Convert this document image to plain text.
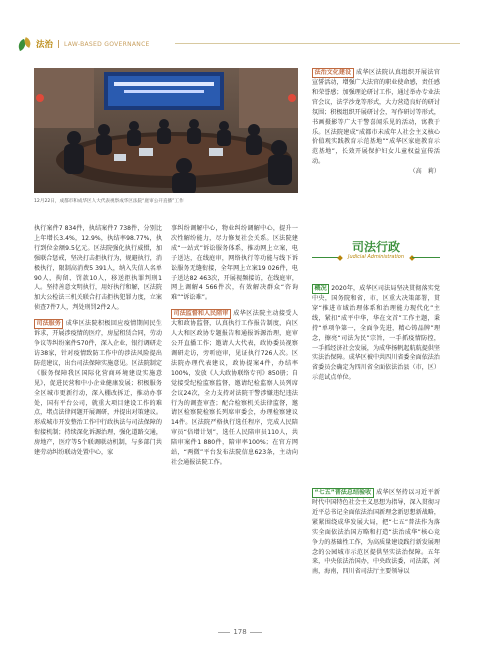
法治 LAW-BASED GOVERNANCE
12月22日，成都市和成华区人大代表视察成华区法院“庭审公开直播”工作

执行案件7 834件，执结案件7 738件，分别比上年增长3.4%，12.9%，执结率98.77%，执行到位金额9.5亿元。区法院强化执行威慑，加强联合惩戒，坚决打击拒执行为，规避执行，消极执行，限制高消费5 391人，纳入失信人名单90人，拘留、罚款10人，移送拒执罪判刑1人。坚持善意文明执行，用好执行和解，区法院加大公检法三机关联合打击拒执犯罪力度，立案侦查7件7人，判处刑罚2件2人。

司法服务 成华区法院积极回应疫情期间民生诉求，开展涉疫情的医疗，房屋租赁合同，劳动争议等纠纷案件570件，深入企业，银行调研走访38家，针对疫情致防工作中的涉法风险提出防范建议，出台司法保障实施意见。区法院制定《服务保障我区国际化营商环境建设实施意见》，促进民营和中小企业健康发展；积极服务全区城市更新行动，深入棚改拆迁，推动办事处，国有平台公司，就重大项目建设工作的难点，堵点法律问题开展调研，并提出对策建议。形成城市开发整治工作中行政执法与司法保障的衔接机制；持续深化诉源治理，强化道路交通，房地产，医疗等5个联调联动机制，与多部门共建劳动纠纷联动处置中心，家

事纠纷调解中心，物业纠纷调解中心，提升一次性解纷能力，尽力修复社会关系。区法院建成“一站式”诉讼服务体系，推动网上立案，电子送达，在线庭审，网络执行等功能与线下诉讼服务无缝衔接，全年网上立案19 026件，电子送达82 463次，开展视频接访，在线庭审，网上调解4 566件次，有效解决群众“咨询难”“诉讼难”。

司法监督和人民陪审 成华区法院主动接受人大和政协监督，认真执行工作报告制度，向区人大和区政协专题报告和通报诉源治理，庭审公开直播工作；邀请人大代表，政协委员视察调研走访，旁听庭审，见证执行726人次。区法院办理代表建议，政协提案4件，办结率100%，发放《人大政协联络专刊》850册；自觉接受纪检监察监督，邀请纪检监察人员列席会议24次，全力支持对法院干警涉嫌违纪违法行为的调查审查；配合检察机关法律监督，邀请区检察院检察长列席审委会，办理检察建议14件。区法院严格执行选任程序，完成人民陪审员“倍增计划”，选任人民陪审员110人，共陪审案件1 880件，陪审率100%；在官方网站，“两微”平台发布法院信息623条，主动向社会通报法院工作。

法治文化建设 成华区法院认真组织开展法官宣誓活动，增强广大法官的职业使命感，责任感和荣誉感；加强理论研讨工作，通过举办专业法官会议，法学沙龙等形式，大力营造良好的研讨氛围；积极组织开展研讨会，写作研讨等形式，书画摄影等广大干警喜闻乐见的活动，寓教于乐。区法院建成“成都市未成年人社会主义核心价值观实践教育示范基地”“成华区家庭教育示范基地”，长效开展保护妇女儿童权益宣传活动。

（高　莉）

司法行政
Judicial Administration

概况 2020年，成华区司法局坚决贯彻落实党中央，国务院和省，市，区重大决策部署，贯穿“推进市域治理体系和治理能力现代化”主线，紧扣“成平中华，华在文首”工作主题，秉持“单项争第一，全面争先进，精心铸品牌”理念，擦亮“司法为民”宗旨，一手抓疫情防控，一手抓经济社会发展，为成华扬帆起航航提供坚实法治保障。成华区被中共四川省委全面依法治省委员会确定为四川省全面依法治县（市，区）示范试点单位。

“七五”普法总结验收 成华区坚持以习近平新时代中国特色社会主义思想为指导，深入贯彻习近平总书记全面依法治国新理念新思想新战略，紧紧围绕成华发展大局，把“七五”普法作为落实全面依法治国方略和打造“法治成华”核心竞争力的基础性工作，为高质量建设践行新发展理念的公园城市示范区提供坚实法治保障。五年来，中央依法治国办，中央政法委，司法部，河南，海南，四川省司法厅主要领导以

178
